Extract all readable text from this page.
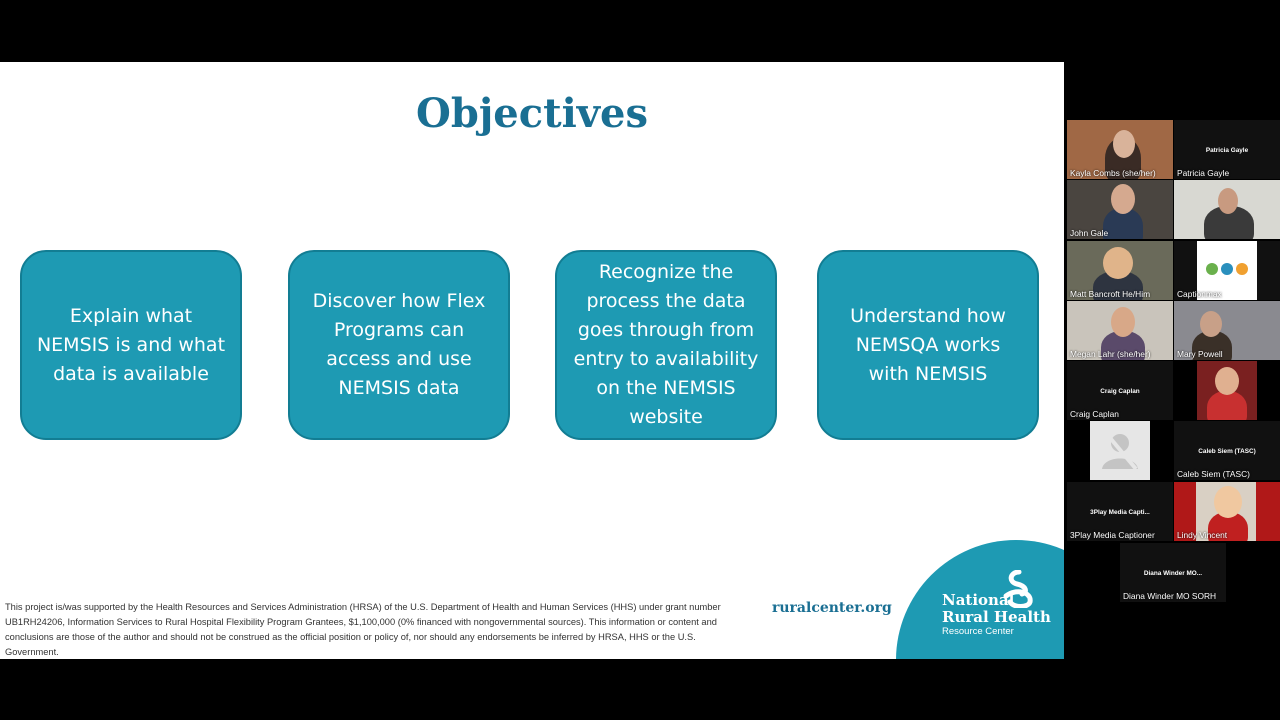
Objectives
Explain what
NEMSIS is and what
data is available
Discover how Flex
Programs can
access and use
NEMSIS data
Recognize the
process the data
goes through from
entry to availability
on the NEMSIS
website
Understand how
NEMSQA works
with NEMSIS
This project is/was supported by the Health Resources and Services Administration (HRSA) of the U.S. Department of Health and Human Services (HHS) under grant number UB1RH24206, Information Services to Rural Hospital Flexibility Program Grantees, $1,100,000 (0% financed with nongovernmental sources). This information or content and conclusions are those of the author and should not be construed as the official position or policy of, nor should any endorsements be inferred by HRSA, HHS or the U.S. Government.
ruralcenter.org	National
Rural Health
Resource Center
Kayla Combs (she/her)
Patricia Gayle
Patricia Gayle
John Gale
Matt Bancroft He/Him	Captionmax
Megan Lahr (she/her)	Mary Powell
Craig Caplan
Craig Caplan
Caleb Siem (TASC)
Caleb Siem (TASC)
3Play Media Capti...
3Play Media Captioner	Lindy Vincent
Diana Winder MO...
Diana Winder MO SORH
